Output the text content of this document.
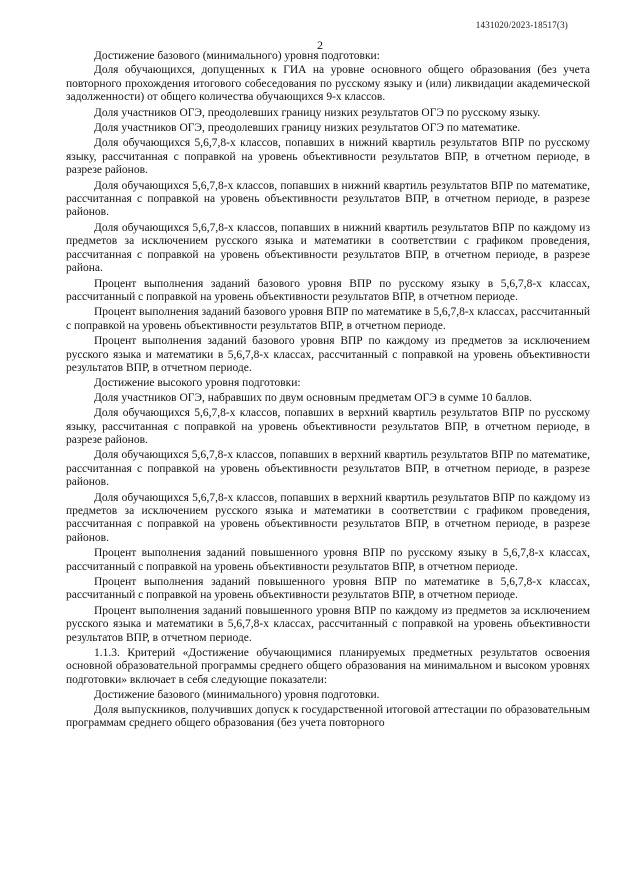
1431020/2023-18517(3)
2

Достижение базового (минимального) уровня подготовки:

Доля обучающихся, допущенных к ГИА на уровне основного общего образования (без учета повторного прохождения итогового собеседования по русскому языку и (или) ликвидации академической задолженности) от общего количества обучающихся 9-х классов.

Доля участников ОГЭ, преодолевших границу низких результатов ОГЭ по русскому языку.

Доля участников ОГЭ, преодолевших границу низких результатов ОГЭ по математике.

Доля обучающихся 5,6,7,8-х классов, попавших в нижний квартиль результатов ВПР по русскому языку, рассчитанная с поправкой на уровень объективности результатов ВПР, в отчетном периоде, в разрезе районов.

Доля обучающихся 5,6,7,8-х классов, попавших в нижний квартиль результатов ВПР по математике, рассчитанная с поправкой на уровень объективности результатов ВПР, в отчетном периоде, в разрезе районов.

Доля обучающихся 5,6,7,8-х классов, попавших в нижний квартиль результатов ВПР по каждому из предметов за исключением русского языка и математики в соответствии с графиком проведения, рассчитанная с поправкой на уровень объективности результатов ВПР, в отчетном периоде, в разрезе района.

Процент выполнения заданий базового уровня ВПР по русскому языку в 5,6,7,8-х классах, рассчитанный с поправкой на уровень объективности результатов ВПР, в отчетном периоде.

Процент выполнения заданий базового уровня ВПР по математике в 5,6,7,8-х классах, рассчитанный с поправкой на уровень объективности результатов ВПР, в отчетном периоде.

Процент выполнения заданий базового уровня ВПР по каждому из предметов за исключением русского языка и математики в 5,6,7,8-х классах, рассчитанный с поправкой на уровень объективности результатов ВПР, в отчетном периоде.

Достижение высокого уровня подготовки:

Доля участников ОГЭ, набравших по двум основным предметам ОГЭ в сумме 10 баллов.

Доля обучающихся 5,6,7,8-х классов, попавших в верхний квартиль результатов ВПР по русскому языку, рассчитанная с поправкой на уровень объективности результатов ВПР, в отчетном периоде, в разрезе районов.

Доля обучающихся 5,6,7,8-х классов, попавших в верхний квартиль результатов ВПР по математике, рассчитанная с поправкой на уровень объективности результатов ВПР, в отчетном периоде, в разрезе районов.

Доля обучающихся 5,6,7,8-х классов, попавших в верхний квартиль результатов ВПР по каждому из предметов за исключением русского языка и математики в соответствии с графиком проведения, рассчитанная с поправкой на уровень объективности результатов ВПР, в отчетном периоде, в разрезе районов.

Процент выполнения заданий повышенного уровня ВПР по русскому языку в 5,6,7,8-х классах, рассчитанный с поправкой на уровень объективности результатов ВПР, в отчетном периоде.

Процент выполнения заданий повышенного уровня ВПР по математике в 5,6,7,8-х классах, рассчитанный с поправкой на уровень объективности результатов ВПР, в отчетном периоде.

Процент выполнения заданий повышенного уровня ВПР по каждому из предметов за исключением русского языка и математики в 5,6,7,8-х классах, рассчитанный с поправкой на уровень объективности результатов ВПР, в отчетном периоде.

1.1.3. Критерий «Достижение обучающимися планируемых предметных результатов освоения основной образовательной программы среднего общего образования на минимальном и высоком уровнях подготовки» включает в себя следующие показатели:

Достижение базового (минимального) уровня подготовки.

Доля выпускников, получивших допуск к государственной итоговой аттестации по образовательным программам среднего общего образования (без учета повторного
